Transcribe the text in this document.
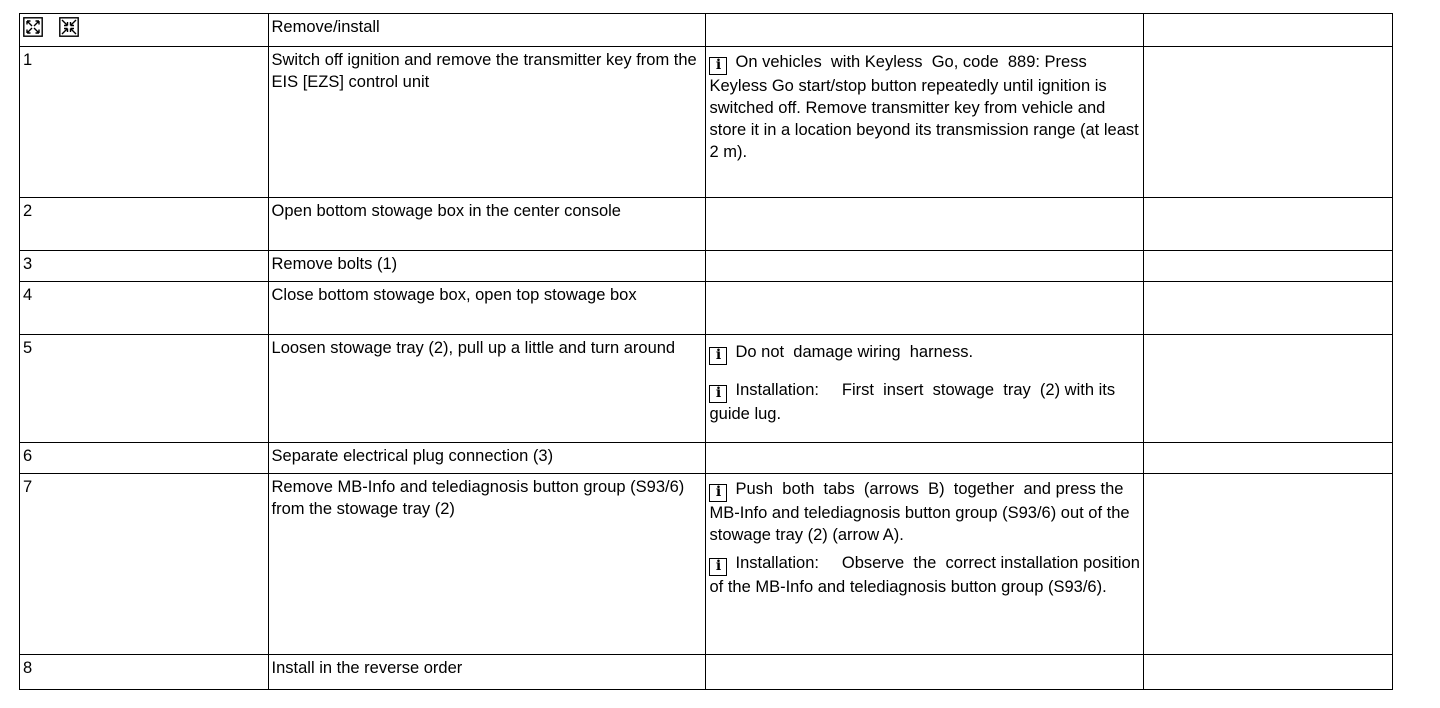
	Remove/install		
1	Switch off ignition and remove the transmitter key from the EIS [EZS] control unit	i On vehicles  with Keyless  Go, code  889: Press Keyless Go start/stop button repeatedly until ignition is switched off. Remove transmitter key from vehicle and store it in a location beyond its transmission range (at least 2 m).	

2	Open bottom stowage box in the center console		
3	Remove bolts (1)		
4	Close bottom stowage box, open top stowage box		
5	Loosen stowage tray (2), pull up a little and turn around	i Do not  damage wiring  harness.
i Installation:     First  insert  stowage  tray  (2) with its guide lug.	

6	Separate electrical plug connection (3)		
7	Remove MB-Info and telediagnosis button group (S93/6) from the stowage tray (2)	i Push  both  tabs  (arrows  B)  together  and press the MB-Info and telediagnosis button group (S93/6) out of the stowage tray (2) (arrow A).
i Installation:     Observe  the  correct installation position of the MB-Info and telediagnosis button group (S93/6).	

8	Install in the reverse order		
